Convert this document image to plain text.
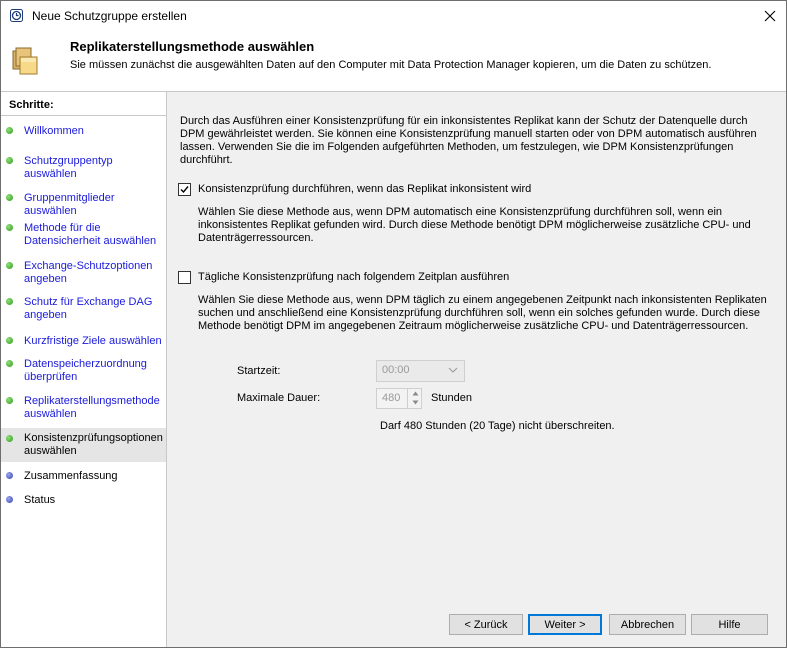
Neue Schutzgruppe erstellen
Replikaterstellungsmethode auswählen
Sie müssen zunächst die ausgewählten Daten auf den Computer mit Data Protection Manager kopieren, um die Daten zu schützen.
Schritte:
Willkommen
Schutzgruppentyp auswählen
Gruppenmitglieder auswählen
Methode für die Datensicherheit auswählen
Exchange-Schutzoptionen angeben
Schutz für Exchange DAG angeben
Kurzfristige Ziele auswählen
Datenspeicherzuordnung überprüfen
Replikaterstellungsmethode auswählen
Konsistenzprüfungsoptionen auswählen
Zusammenfassung
Status
Durch das Ausführen einer Konsistenzprüfung für ein inkonsistentes Replikat kann der Schutz der Datenquelle durch DPM gewährleistet werden. Sie können eine Konsistenzprüfung manuell starten oder von DPM automatisch ausführen lassen. Verwenden Sie die im Folgenden aufgeführten Methoden, um festzulegen, wie DPM Konsistenzprüfungen durchführt.
Konsistenzprüfung durchführen, wenn das Replikat inkonsistent wird
Wählen Sie diese Methode aus, wenn DPM automatisch eine Konsistenzprüfung durchführen soll, wenn ein inkonsistentes Replikat gefunden wird. Durch diese Methode benötigt DPM möglicherweise zusätzliche CPU- und Datenträgerressourcen.
Tägliche Konsistenzprüfung nach folgendem Zeitplan ausführen
Wählen Sie diese Methode aus, wenn DPM täglich zu einem angegebenen Zeitpunkt nach inkonsistenten Replikaten suchen und anschließend eine Konsistenzprüfung durchführen soll, wenn ein solches gefunden wurde. Durch diese Methode benötigt DPM im angegebenen Zeitraum möglicherweise zusätzliche CPU- und Datenträgerressourcen.
Startzeit:	00:00
Maximale Dauer:	480	Stunden
Darf 480 Stunden (20 Tage) nicht überschreiten.
< Zurück	Weiter >	Abbrechen	Hilfe
